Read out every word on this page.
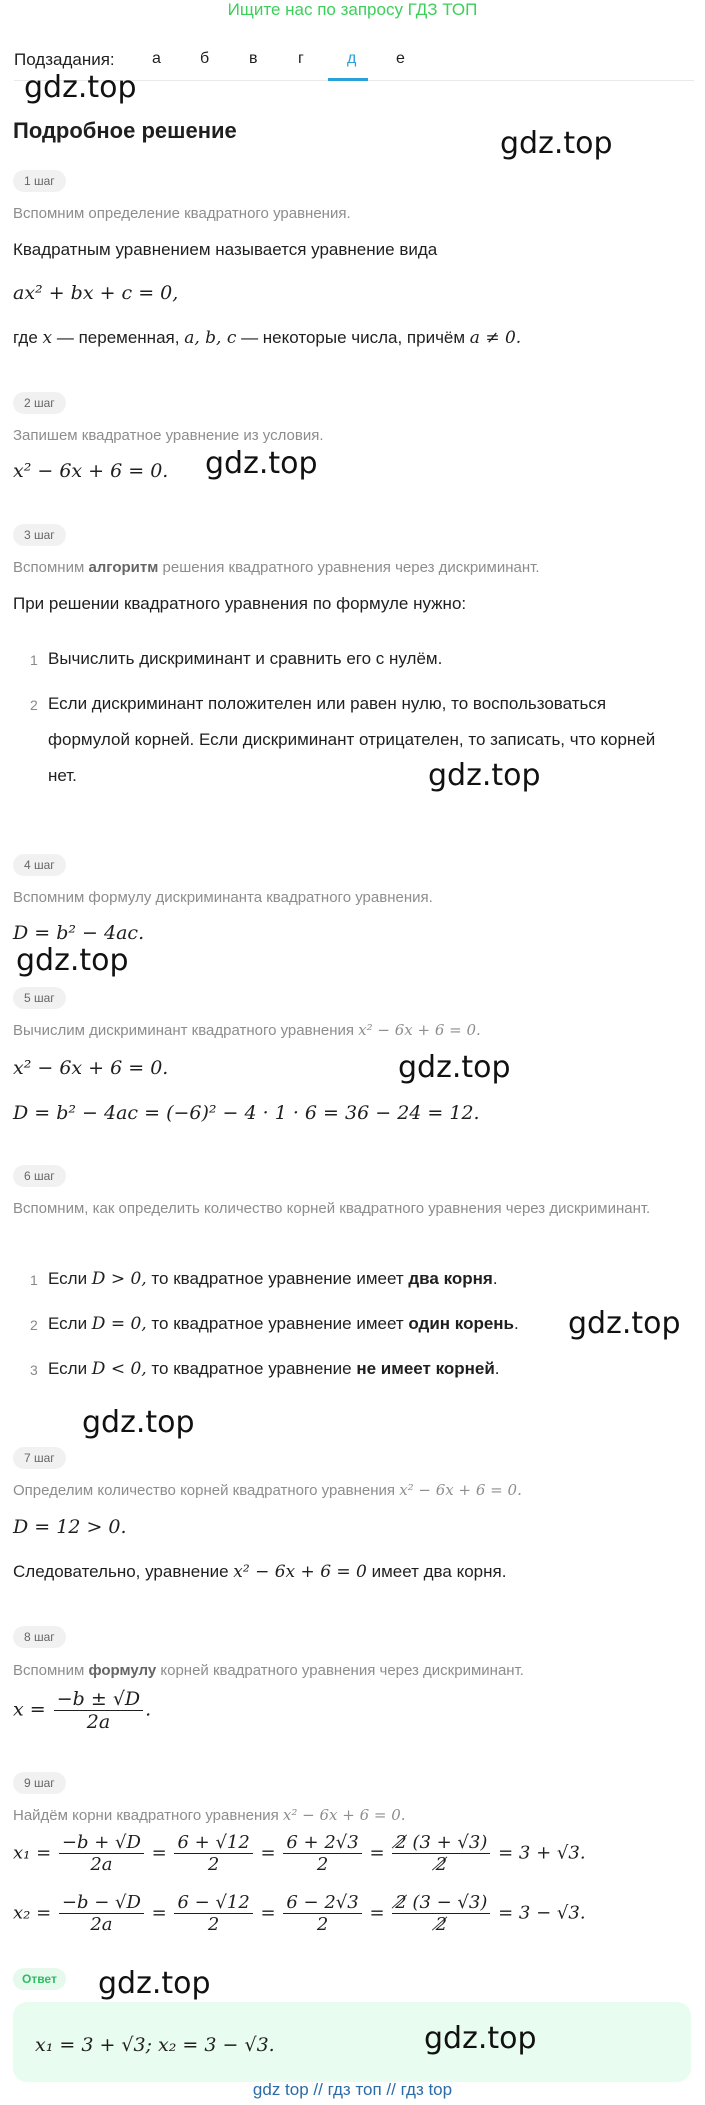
Ищите нас по запросу ГДЗ ТОП
Подзадания: а б в	г	д е
Подробное решение
1 шаг
Вспомним определение квадратного уравнения.
Квадратным уравнением называется уравнение вида
ax² + bx + c = 0,
где x — переменная, a, b, c — некоторые числа, причём a ≠ 0.
2 шаг
Запишем квадратное уравнение из условия.
x² − 6x + 6 = 0.
3 шаг
Вспомним алгоритм решения квадратного уравнения через дискриминант.
При решении квадратного уравнения по формуле нужно:
1 Вычислить дискриминант и сравнить его с нулём.
2 Если дискриминант положителен или равен нулю, то воспользоваться формулой корней. Если дискриминант отрицателен, то записать, что корней нет.
4 шаг
Вспомним формулу дискриминанта квадратного уравнения.
D = b² − 4ac.
5 шаг
Вычислим дискриминант квадратного уравнения x² − 6x + 6 = 0.
x² − 6x + 6 = 0.
D = b² − 4ac = (−6)² − 4 · 1 · 6 = 36 − 24 = 12.
6 шаг
Вспомним, как определить количество корней квадратного уравнения через дискриминант.
1 Если D > 0, то квадратное уравнение имеет два корня.
2 Если D = 0, то квадратное уравнение имеет один корень.
3 Если D < 0, то квадратное уравнение не имеет корней.
7 шаг
Определим количество корней квадратного уравнения x² − 6x + 6 = 0.
D = 12 > 0.
Следовательно, уравнение x² − 6x + 6 = 0 имеет два корня.
8 шаг
Вспомним формулу корней квадратного уравнения через дискриминант.
$x = \frac{-b \pm √D}{2a}$ .
9 шаг
Найдём корни квадратного уравнения x² − 6x + 6 = 0.
$x_1 = \frac{-b + √D}{2a} = \frac{6 + √12}{2} = \frac{6 + 2√3}{2} = \frac{2̸ (3 + √3)}{2̸} = 3 + √3$.
$x_2 = \frac{-b - √D}{2a} = \frac{6 - √12}{2} = \frac{6 - 2√3}{2} = \frac{2̸ (3 - √3)}{2̸} = 3 - √3$.
Ответ
x₁ = 3 + √3; x₂ = 3 − √3.
gdz.top
gdz.top
gdz.top
gdz.top
gdz.top
gdz.top
gdz.top
gdz.top
gdz.top
gdz.top
gdz top // гдз топ // гдз top
